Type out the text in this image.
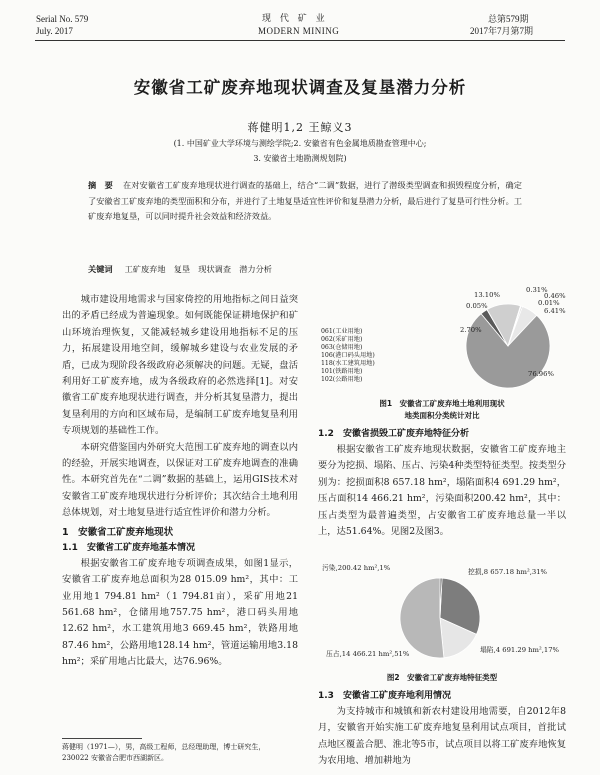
Serial No. 579
July. 2017
现 代 矿 业
MODERN MINING
总第579期
2017年7月第7期
安徽省工矿废弃地现状调查及复垦潜力分析
蒋健明1,2 王鲸义3
(1. 中国矿业大学环境与测绘学院;2. 安徽省有色金属地质勘查管理中心;
3. 安徽省土地勘测规划院)
摘　要 在对安徽省工矿废弃地现状进行调查的基础上，结合“二调”数据，进行了潜级类型调查和损毁程度分析，确定了安徽省工矿废弃地的类型面积和分布，并进行了土地复垦适宜性评价和复垦潜力分析，最后进行了复垦可行性分析。工矿废弃地复垦，可以同时提升社会效益和经济效益。
关键词 工矿废弃地　复垦　现状调查　潜力分析
城市建设用地需求与国家倚控的用地指标之间日益突出的矛盾已经成为普遍现象。如何既能保证耕地保护和矿山环境治理恢复，又能减轻城乡建设用地指标不足的压力，拓展建设用地空间，缓解城乡建设与农业发展的矛盾，已成为现阶段各级政府必须解决的问题。无疑，盘活利用好工矿废弃地，成为各级政府的必然选择[1]。对安徽省工矿废弃地现状进行调查，并分析其复垦潜力，提出复垦利用的方向和区域布局，是编制工矿废弃地复垦利用专项规划的基础性工作。
本研究借鉴国内外研究大范围工矿废弃地的调查以内的经验，开展实地调查，以保证对工矿废弃地调查的准确性。本研究首先在“二调”数据的基础上，运用GIS技术对安徽省工矿废弃地现状进行分析评价；其次结合土地利用总体规划，对土地复垦进行适宜性评价和潜力分析。
1　安徽省工矿废弃地现状
1.1　安徽省工矿废弃地基本情况
根据安徽省工矿废弃地专项调查成果，如图1显示，安徽省工矿废弃地总面积为28 015.09 hm²，其中：工业用地1 794.81 hm²（1 794.81亩），采矿用地21 561.68 hm²，仓储用地757.75 hm²，港口码头用地12.62 hm²，水工建筑用地3 669.45 hm²，铁路用地87.46 hm²，公路用地128.14 hm²，管道运输用地3.18 hm²；采矿用地占比最大，达76.96%。
蒋健明（1971—），男，高级工程师，总经理助理，博士研究生，
230022 安徽省合肥市西湖新区。
061(工业用地)
062(采矿用地)
063(仓储用地)
106(港口码头用地)
118(水工建筑用地)
101(铁路用地)
102(公路用地)
6.41%
76.96%
2.70%
0.05%
13.10%
0.31%
0.46%
0.01%
图1　安徽省工矿废弃地土地利用现状
地类面积分类统计对比
1.2　安徽省损毁工矿废弃地特征分析
根据安徽省工矿废弃地现状数据，安徽省工矿废弃地主要分为挖损、塌陷、压占、污染4种类型特征类型。按类型分别为：挖损面积8 657.18 hm²，塌陷面积4 691.29 hm²，压占面积14 466.21 hm²，污染面积200.42 hm²，其中：压占类型为最普遍类型，占安徽省工矿废弃地总量一半以上，达51.64%。见图2及图3。
挖损,8 657.18 hm²,31%
塌陷,4 691.29 hm²,17%
压占,14 466.21 hm²,51%
污染,200.42 hm²,1%
图2　安徽省工矿废弃地特征类型
1.3　安徽省工矿废弃地利用情况
为支持城市和城镇和新农村建设用地需要，自2012年8月，安徽省开始实施工矿废弃地复垦利用试点项目，首批试点地区覆盖合肥、淮北等5市，试点项目以将工矿废弃地恢复为农用地、增加耕地为
